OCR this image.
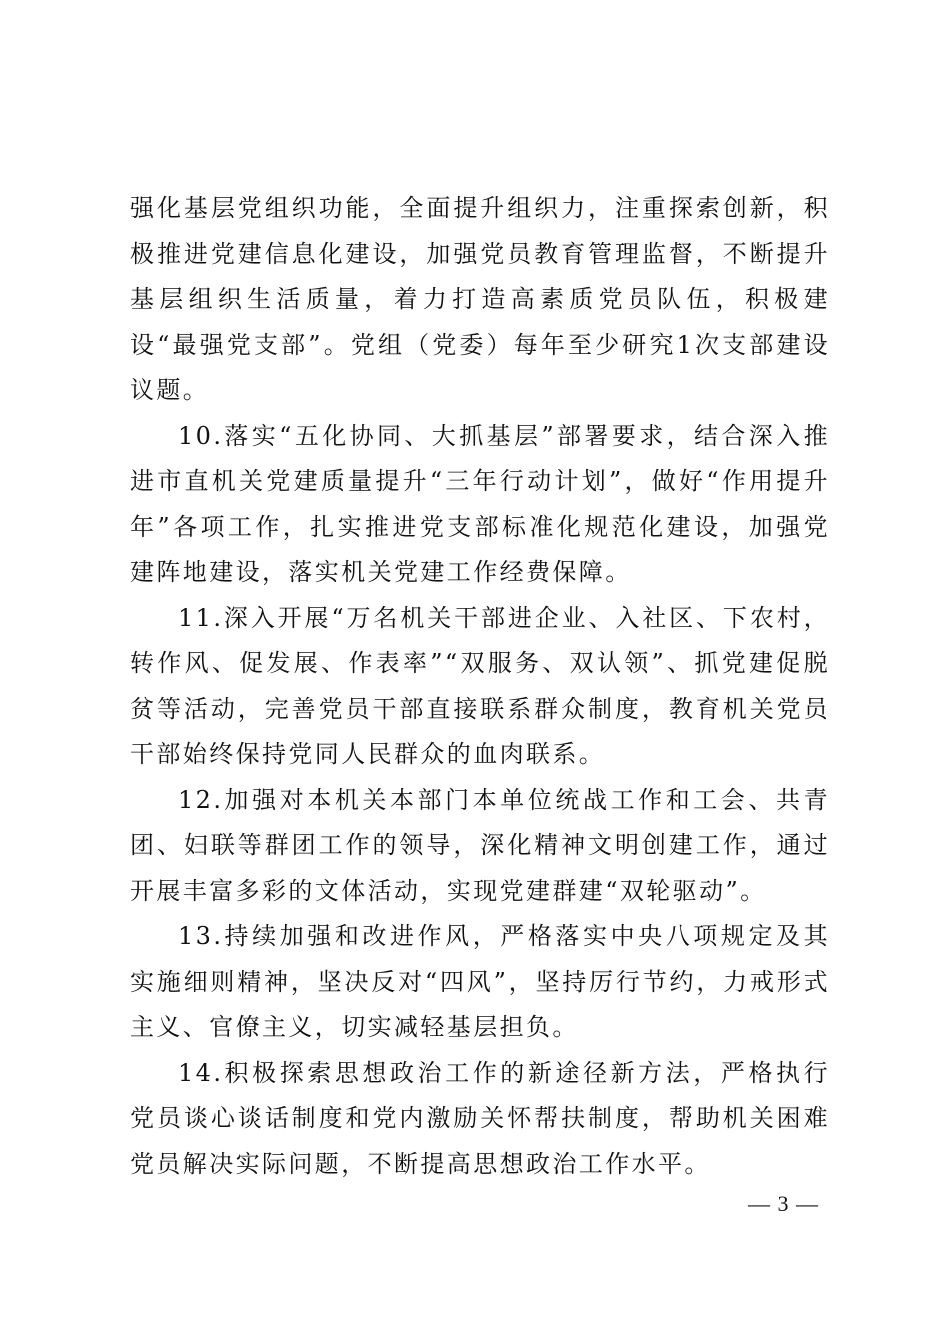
强化基层党组织功能，全面提升组织力，注重探索创新，积极推进党建信息化建设，加强党员教育管理监督，不断提升基层组织生活质量，着力打造高素质党员队伍，积极建设“最强党支部”。党组（党委）每年至少研究1次支部建设议题。

10.落实“五化协同、大抓基层”部署要求，结合深入推进市直机关党建质量提升“三年行动计划”，做好“作用提升年”各项工作，扎实推进党支部标准化规范化建设，加强党建阵地建设，落实机关党建工作经费保障。

11.深入开展“万名机关干部进企业、入社区、下农村，转作风、促发展、作表率”“双服务、双认领”、抓党建促脱贫等活动，完善党员干部直接联系群众制度，教育机关党员干部始终保持党同人民群众的血肉联系。

12.加强对本机关本部门本单位统战工作和工会、共青团、妇联等群团工作的领导，深化精神文明创建工作，通过开展丰富多彩的文体活动，实现党建群建“双轮驱动”。

13.持续加强和改进作风，严格落实中央八项规定及其实施细则精神，坚决反对“四风”，坚持厉行节约，力戒形式主义、官僚主义，切实减轻基层担负。

14.积极探索思想政治工作的新途径新方法，严格执行党员谈心谈话制度和党内激励关怀帮扶制度，帮助机关困难党员解决实际问题，不断提高思想政治工作水平。

— 3 —
